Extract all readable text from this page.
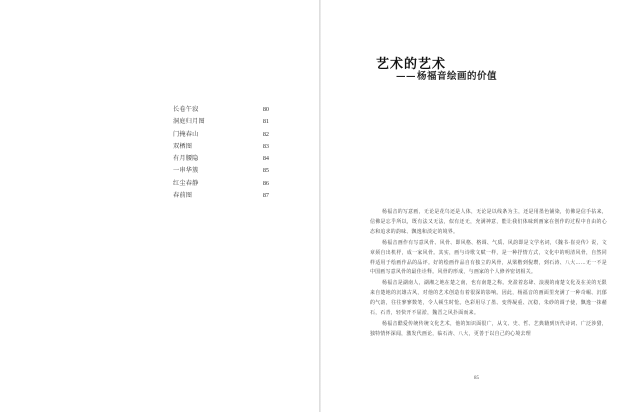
长卷午寂	80
洞庭归月图	81
门掩春山	82
双栖图	83
有月腰隐	84
一串华簇	85
红尘春静	86
春前图	87
艺术的艺术
——杨福音绘画的价值

杨福音的写意画，无论是花鸟还是人体，无论是以线条为主，还是用墨色铺染，仿佛是信手拈来，信佛是忘乎所以，既有法又无法，似有还无，充满神意，能让我们体味到画家在创作的过程中自由的心态和追求的韵味、飘逸和淡定的境界。

杨福音画作有写意风骨、风骨、即风格、格调、气质、风韵即是文学名词，《魏书·崔亮传》说，文章须自出机杼，成一家风骨。其实，画与诗歌文赋一样，是一种抒情方式，文化中的明清风骨，自然同样适用于绘画作品的品评。好的绘画作品自有独立的风骨，从梁楷到倪瓒，到石涛、八大……无一不是中国画写意风骨的最佳诠释。风骨的形成，与画家的个人修养密切相关。

杨福音是湖南人，湖湘之地在楚之南，也有南楚之称。充盈着恣肆、浪漫的南楚文化及在美的无限来自楚地的沉雄古风，对他的艺术创造有着很深的影响。因此，杨福音的画面里充满了一种奇崛、沉郁的气韵，往往寥寥数笔，令人顿生时怆。色彩用尽了墨、变得凝重、沉稳，朱砂的调子使，飘逸一抹赭石，石青，轻快开不屈淤，魏晋之风扑面而来。

杨福音酷爱传统传统文化艺术，他的知识面很广，从文、史、哲、艺典籍到历代诗词、广泛涉猎，独特情怀深闻，激发代画论，临石涛、八大，更善于以自己的心境去理

85
